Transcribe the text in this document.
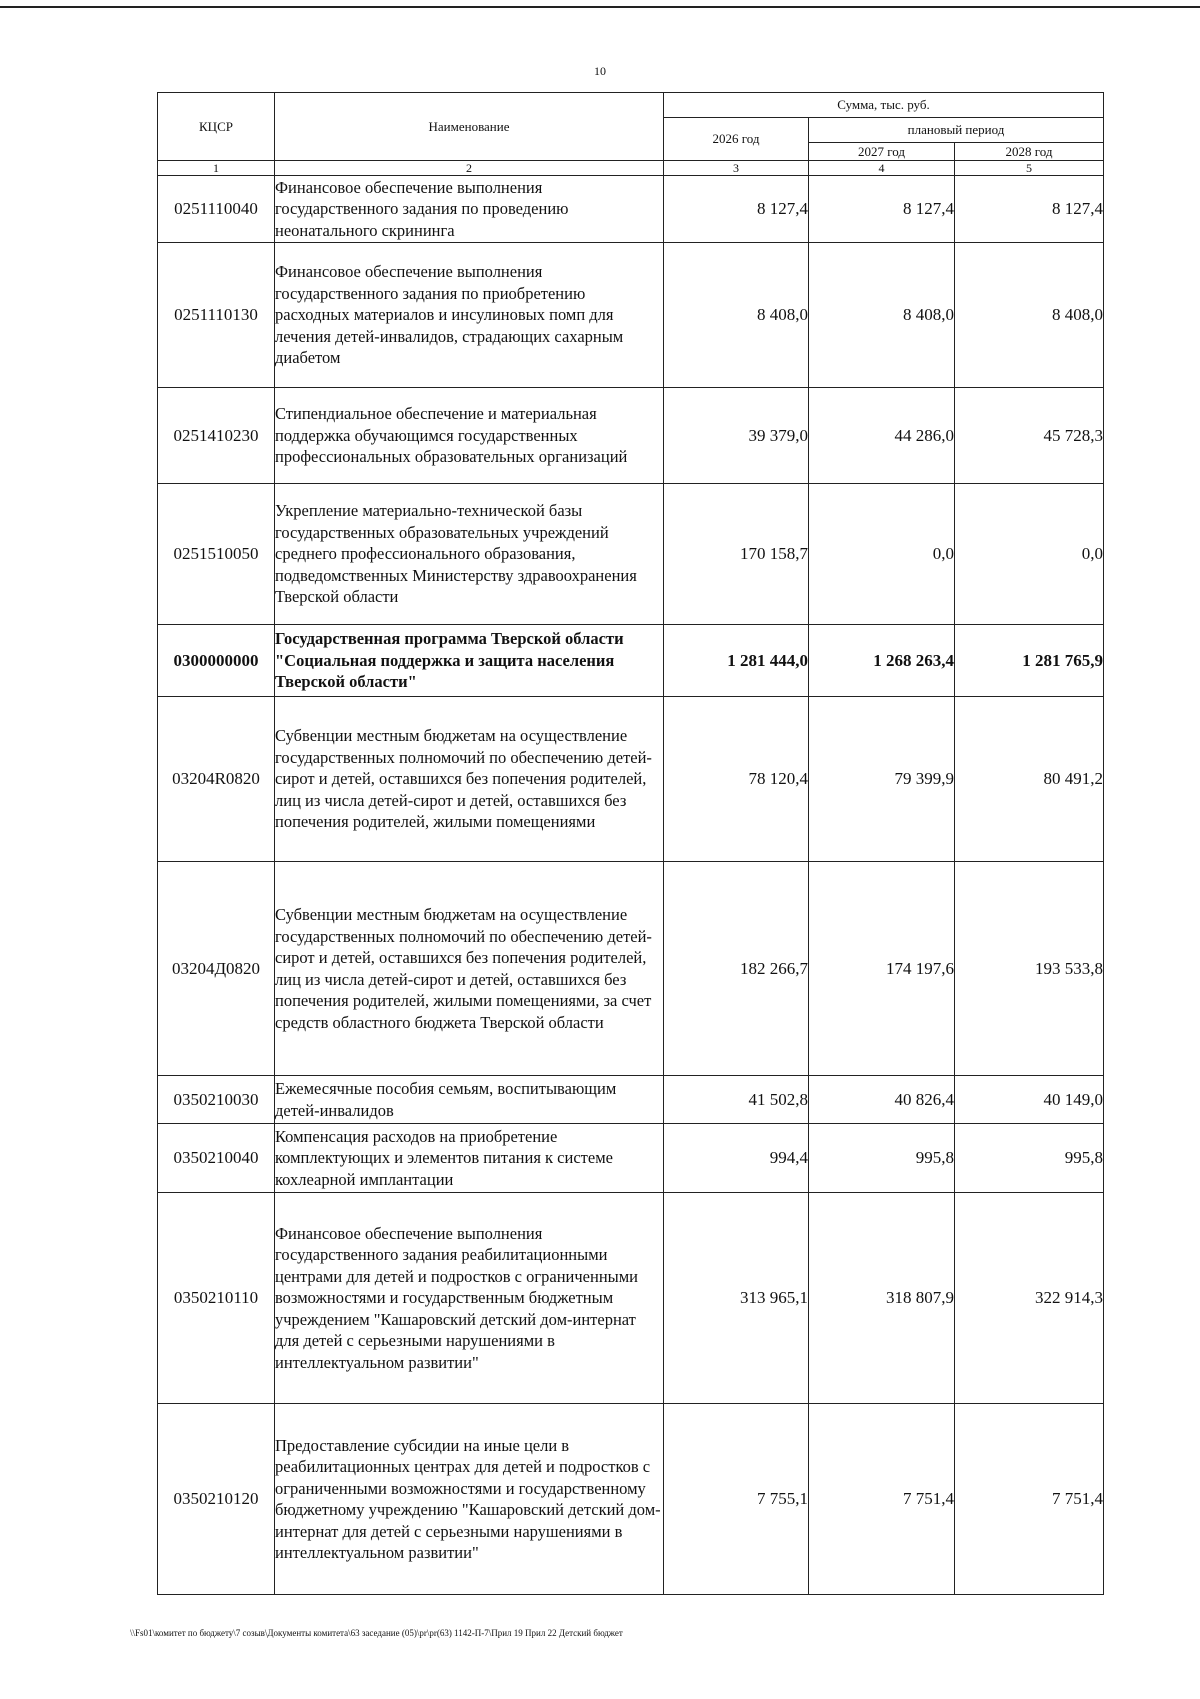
10
КЦСР	Наименование	Сумма, тыс. руб.		
		2026 год	плановый период	
			2027 год	2028 год
1	2	3	4	5
0251110040	Финансовое обеспечение выполнения государственного задания по проведению неонатального скрининга	8 127,4	8 127,4	8 127,4
0251110130	Финансовое обеспечение выполнения государственного задания по приобретению расходных материалов и инсулиновых помп для лечения детей-инвалидов, страдающих сахарным диабетом	8 408,0	8 408,0	8 408,0
0251410230	Стипендиальное обеспечение и материальная поддержка обучающимся государственных профессиональных образовательных организаций	39 379,0	44 286,0	45 728,3
0251510050	Укрепление материально-технической базы государственных образовательных учреждений среднего профессионального образования, подведомственных Министерству здравоохранения Тверской области	170 158,7	0,0	0,0
0300000000	Государственная программа Тверской области "Социальная поддержка и защита населения Тверской области"	1 281 444,0	1 268 263,4	1 281 765,9
03204R0820	Субвенции местным бюджетам на осуществление государственных полномочий по обеспечению детей-сирот и детей, оставшихся без попечения родителей, лиц из числа детей-сирот и детей, оставшихся без попечения родителей, жилыми помещениями	78 120,4	79 399,9	80 491,2
03204Д0820	Субвенции местным бюджетам на осуществление государственных полномочий по обеспечению детей-сирот и детей, оставшихся без попечения родителей, лиц из числа детей-сирот и детей, оставшихся без попечения родителей, жилыми помещениями, за счет средств областного бюджета Тверской области	182 266,7	174 197,6	193 533,8
0350210030	Ежемесячные пособия семьям, воспитывающим детей-инвалидов	41 502,8	40 826,4	40 149,0
0350210040	Компенсация расходов на приобретение комплектующих и элементов питания к системе кохлеарной имплантации	994,4	995,8	995,8
0350210110	Финансовое обеспечение выполнения государственного задания реабилитационными центрами для детей и подростков с ограниченными возможностями и государственным бюджетным учреждением "Кашаровский детский дом-интернат для детей с серьезными нарушениями в интеллектуальном развитии"	313 965,1	318 807,9	322 914,3
0350210120	Предоставление субсидии на иные цели в реабилитационных центрах для детей и подростков с ограниченными возможностями и государственному бюджетному учреждению "Кашаровский детский дом-интернат для детей с серьезными нарушениями в интеллектуальном развитии"	7 755,1	7 751,4	7 751,4
\\Fs01\комитет по бюджету\7 созыв\Документы комитета\63 заседание (05)\pr\pr(63) 1142-П-7\Прил 19 Прил 22 Детский бюджет
